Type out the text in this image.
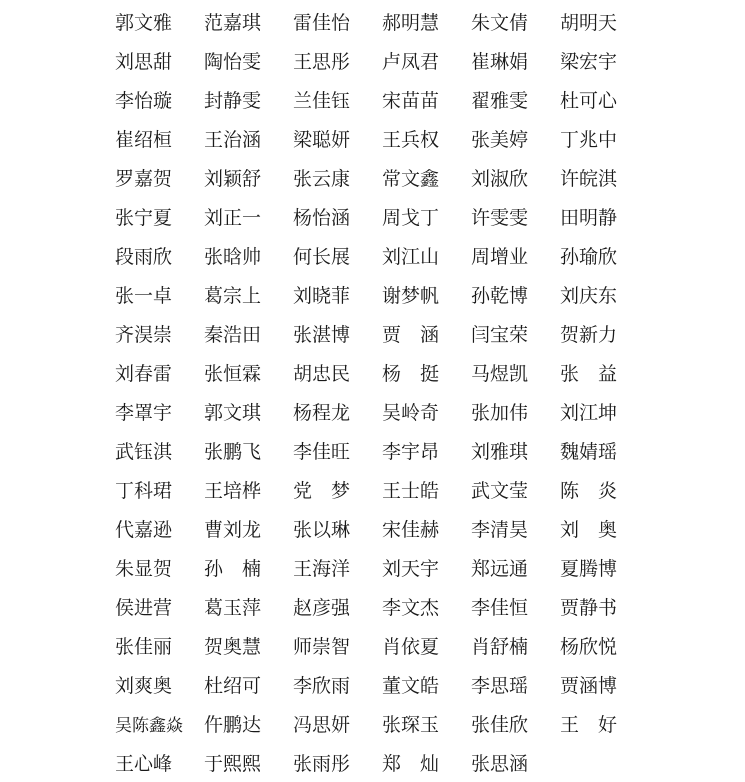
郭文雅	范嘉琪	雷佳怡	郝明慧	朱文倩	胡明天
刘思甜	陶怡雯	王思彤	卢凤君	崔琳娟	梁宏宇
李怡璇	封静雯	兰佳钰	宋苗苗	翟雅雯	杜可心
崔绍桓	王治涵	梁聪妍	王兵权	张美婷	丁兆中
罗嘉贺	刘颖舒	张云康	常文鑫	刘淑欣	许皖淇
张宁夏	刘正一	杨怡涵	周戈丁	许雯雯	田明静
段雨欣	张晗帅	何长展	刘江山	周增业	孙瑜欣
张一卓	葛宗上	刘晓菲	谢梦帆	孙乾博	刘庆东
齐淏崇	秦浩田	张湛博	贾　涵	闫宝荣	贺新力
刘春雷	张恒霖	胡忠民	杨　挺	马煜凯	张　益
李罩宇	郭文琪	杨程龙	吴岭奇	张加伟	刘江坤
武钰淇	张鹏飞	李佳旺	李宇昂	刘雅琪	魏婧瑶
丁科珺	王培桦	党　梦	王士皓	武文莹	陈　炎
代嘉逊	曹刘龙	张以琳	宋佳赫	李清昊	刘　奥
朱显贺	孙　楠	王海洋	刘天宇	郑远通	夏腾博
侯进营	葛玉萍	赵彦强	李文杰	李佳恒	贾静书
张佳丽	贺奥慧	师崇智	肖依夏	肖舒楠	杨欣悦
刘爽奥	杜绍可	李欣雨	董文皓	李思瑶	贾涵博
吴陈鑫焱	仵鹏达	冯思妍	张琛玉	张佳欣	王　好
王心峰	于熙熙	张雨彤	郑　灿	张思涵
